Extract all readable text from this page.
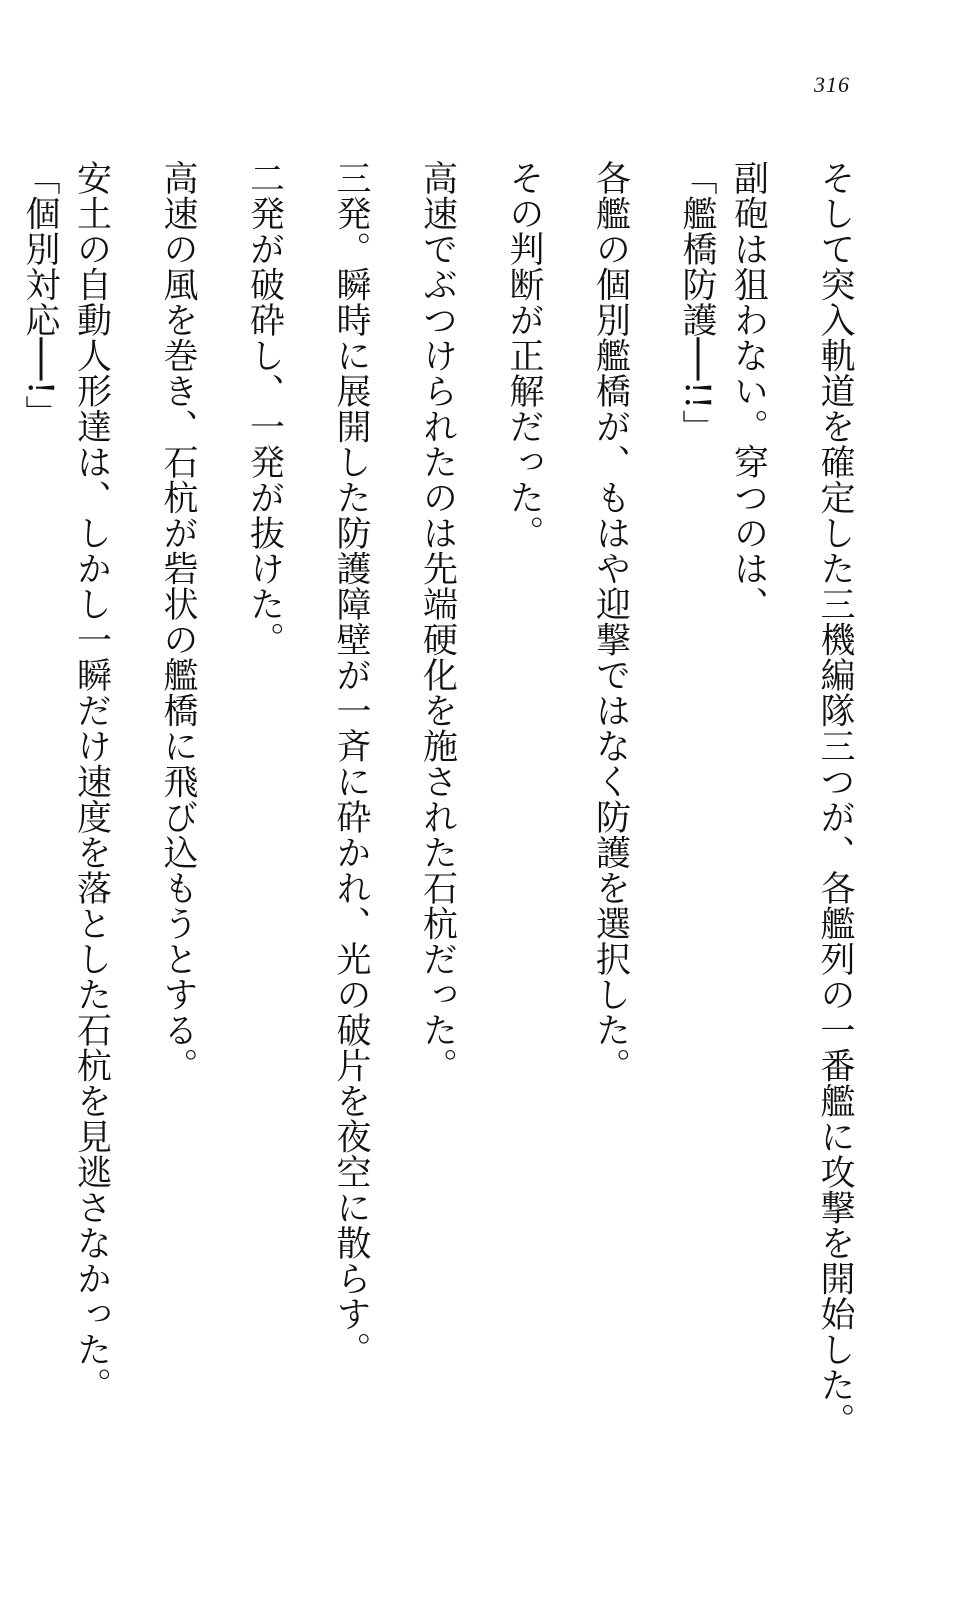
316
そして突入軌道を確定した三機編隊三つが、各艦列の一番艦に攻撃を開始した。
副砲は狙わない。穿つのは、
「艦橋防護──!!」
各艦の個別艦橋が、もはや迎撃ではなく防護を選択した。
その判断が正解だった。
高速でぶつけられたのは先端硬化を施された石杭だった。
三発。瞬時に展開した防護障壁が一斉に砕かれ、光の破片を夜空に散らす。
二発が破砕し、一発が抜けた。
高速の風を巻き、石杭が砦状の艦橋に飛び込もうとする。
安土の自動人形達は、しかし一瞬だけ速度を落とした石杭を見逃さなかった。
「個別対応──!」
